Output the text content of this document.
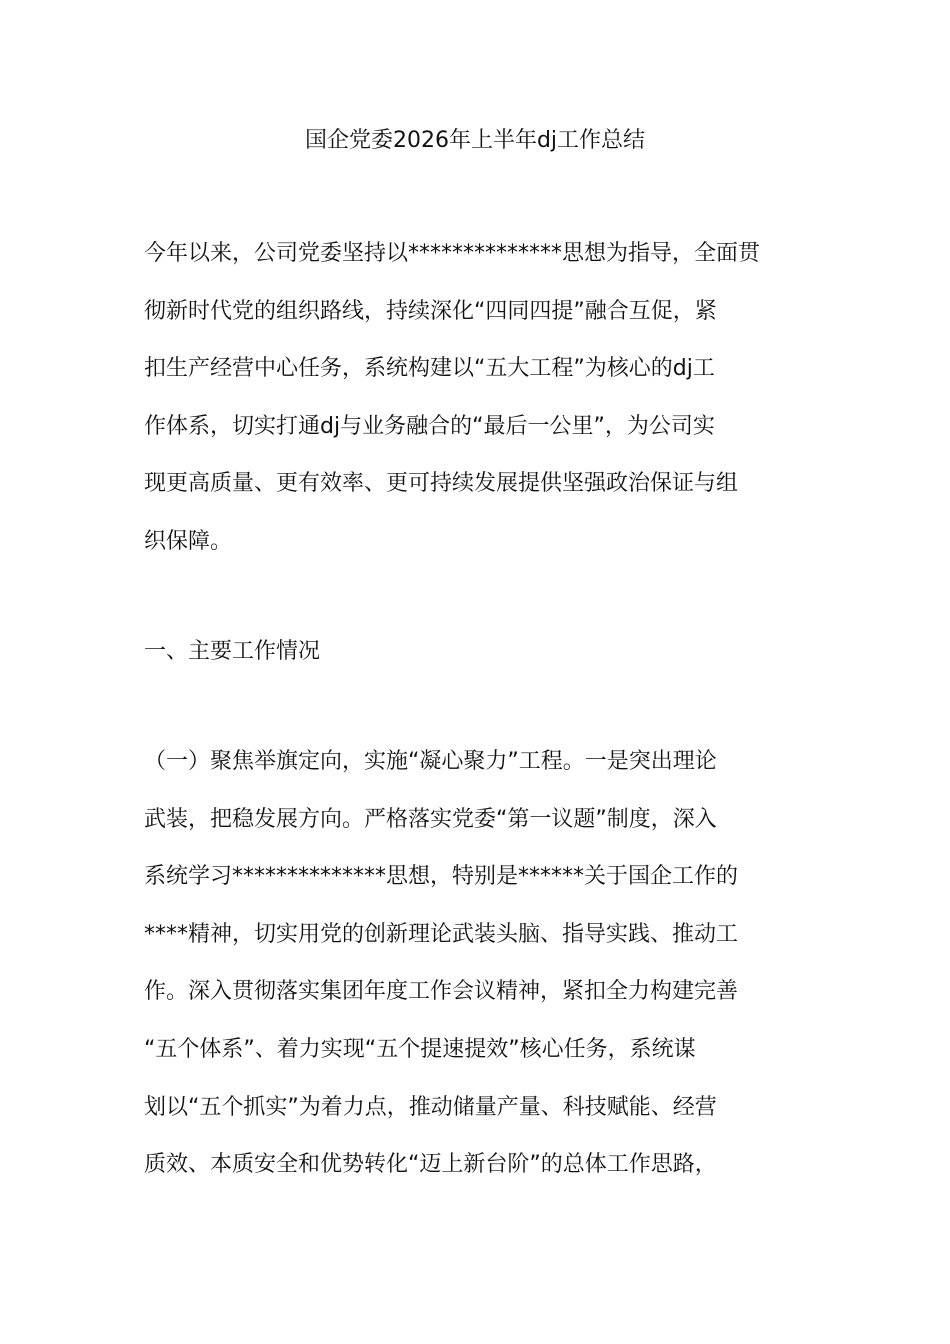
国企党委2026年上半年dj工作总结
今年以来，公司党委坚持以**************思想为指导，全面贯
彻新时代党的组织路线，持续深化“四同四提”融合互促，紧
扣生产经营中心任务，系统构建以“五大工程”为核心的dj工
作体系，切实打通dj与业务融合的“最后一公里”，为公司实
现更高质量、更有效率、更可持续发展提供坚强政治保证与组
织保障。
一、主要工作情况
（一）聚焦举旗定向，实施“凝心聚力”工程。一是突出理论
武装，把稳发展方向。严格落实党委“第一议题”制度，深入
系统学习**************思想，特别是******关于国企工作的
****精神，切实用党的创新理论武装头脑、指导实践、推动工
作。深入贯彻落实集团年度工作会议精神，紧扣全力构建完善
“五个体系”、着力实现“五个提速提效”核心任务，系统谋
划以“五个抓实”为着力点，推动储量产量、科技赋能、经营
质效、本质安全和优势转化“迈上新台阶”的总体工作思路，
